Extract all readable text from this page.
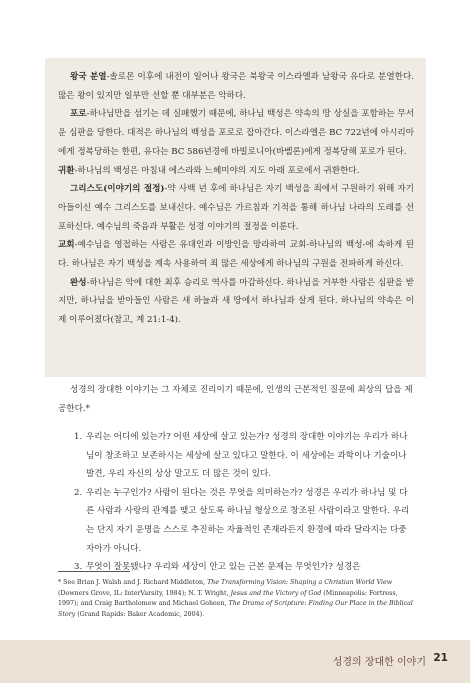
왕국 분열-솔로몬 이후에 내전이 일어나 왕국은 북왕국 이스라엘과 남왕국 유다로 분열한다. 많은 왕이 있지만 일부만 선할 뿐 대부분은 악하다.

포로-하나님만을 섬기는 데 실패했기 때문에, 하나님 백성은 약속의 땅 상실을 포함하는 무서운 심판을 당한다. 대적은 하나님의 백성을 포로로 잡아간다. 이스라엘은 BC 722년에 아시리아에게 정복당하는 한편, 유다는 BC 586년경에 바빌로니아(바벨론)에게 정복당해 포로가 된다.

귀환-하나님의 백성은 마침내 에스라와 느헤미야의 지도 아래 포로에서 귀환한다.

그리스도(이야기의 절정)-약 사백 년 후에 하나님은 자기 백성을 죄에서 구원하기 위해 자기 아들이신 예수 그리스도를 보내신다. 예수님은 가르침과 기적을 통해 하나님 나라의 도래를 선포하신다. 예수님의 죽음과 부활은 성경 이야기의 절정을 이룬다.

교회-예수님을 영접하는 사람은 유대인과 이방인을 망라하여 교회-하나님의 백성-에 속하게 된다. 하나님은 자기 백성을 계속 사용하여 죄 많은 세상에게 하나님의 구원을 전파하게 하신다.

완성-하나님은 악에 대한 최후 승리로 역사를 마감하신다. 하나님을 거부한 사람은 심판을 받지만, 하나님을 받아들인 사람은 새 하늘과 새 땅에서 하나님과 살게 된다. 하나님의 약속은 이제 이루어졌다(참고, 계 21:1-4).

성경의 장대한 이야기는 그 자체로 진리이기 때문에, 인생의 근본적인 질문에 최상의 답을 제공한다.*

1. 우리는 어디에 있는가? 어떤 세상에 살고 있는가? 성경의 장대한 이야기는 우리가 하나님이 창조하고 보존하시는 세상에 살고 있다고 말한다. 이 세상에는 과학이나 기술이나 발견, 우리 자신의 상상 말고도 더 많은 것이 있다.
2. 우리는 누구인가? 사람이 된다는 것은 무엇을 의미하는가? 성경은 우리가 하나님 및 다른 사람과 사랑의 관계를 맺고 살도록 하나님 형상으로 창조된 사람이라고 말한다. 우리는 단지 자기 운명을 스스로 추진하는 자율적인 존재라든지 환경에 따라 달라지는 다중 자아가 아니다.
3. 무엇이 잘못됐나? 우리와 세상이 안고 있는 근본 문제는 무엇인가? 성경은

* See Brian J. Walsh and J. Richard Middleton, The Transforming Vision: Shaping a Christian World View (Downers Grove, IL: InterVarsity, 1984); N. T. Wright, Jesus and the Victory of God (Minneapolis: Fortress, 1997); and Craig Bartholomew and Michael Goheen, The Drama of Scripture: Finding Our Place in the Biblical Story (Grand Rapids: Baker Academic, 2004).

성경의 장대한 이야기 21
